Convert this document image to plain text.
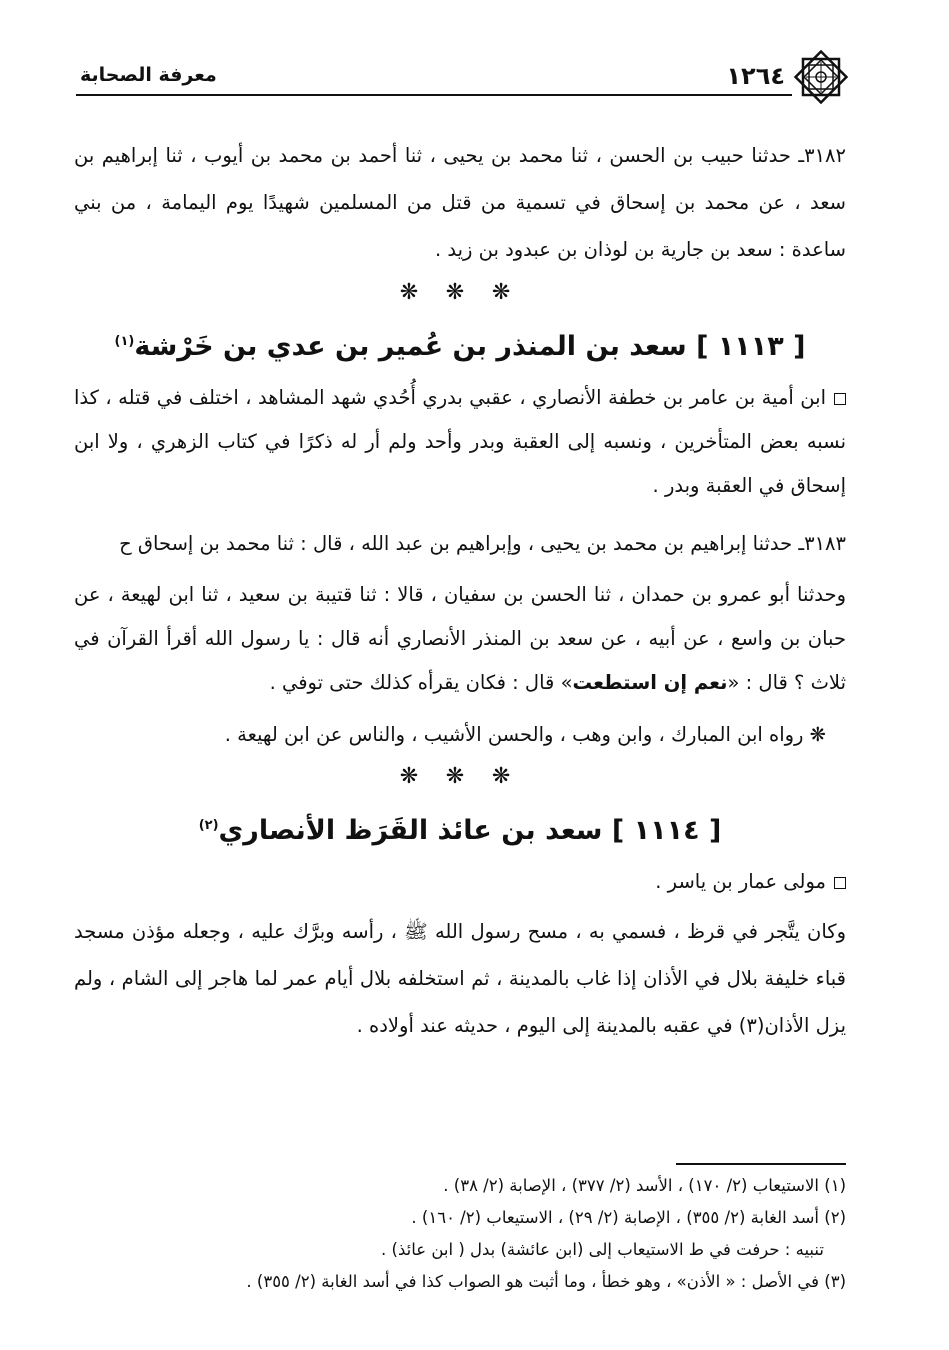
معرفة الصحابة	١٢٦٤

٣١٨٢ـ حدثنا حبيب بن الحسن ، ثنا محمد بن يحيى ، ثنا أحمد بن محمد بن أيوب ، ثنا إبراهيم بن سعد ، عن محمد بن إسحاق في تسمية من قتل من المسلمين شهيدًا يوم اليمامة ، من بني ساعدة : سعد بن جارية بن لوذان بن عبدود بن زيد .

❋ ❋ ❋
[ ١١١٣ ] سعد بن المنذر بن عُمير بن عدي بن خَرْشة$^{(١)}$

ابن أمية بن عامر بن خطفة الأنصاري ، عقبي بدري أُحُدي شهد المشاهد ، اختلف في قتله ، كذا نسبه بعض المتأخرين ، ونسبه إلى العقبة وبدر وأحد ولم أر له ذكرًا في كتاب الزهري ، ولا ابن إسحاق في العقبة وبدر .

٣١٨٣ـ حدثنا إبراهيم بن محمد بن يحيى ، وإبراهيم بن عبد الله ، قال : ثنا محمد بن إسحاق ح

وحدثنا أبو عمرو بن حمدان ، ثنا الحسن بن سفيان ، قالا : ثنا قتيبة بن سعيد ، ثنا ابن لهيعة ، عن حبان بن واسع ، عن أبيه ، عن سعد بن المنذر الأنصاري أنه قال : يا رسول الله أقرأ القرآن في ثلاث ؟ قال : «نعم إن استطعت» قال : فكان يقرأه كذلك حتى توفي .

❋ رواه ابن المبارك ، وابن وهب ، والحسن الأشيب ، والناس عن ابن لهيعة .

❋ ❋ ❋
[ ١١١٤ ] سعد بن عائذ القَرَظ الأنصاري$^{(٢)}$

مولى عمار بن ياسر .

وكان يتَّجر في قرظ ، فسمي به ، مسح رسول الله ﷺ ، رأسه وبرَّك عليه ، وجعله مؤذن مسجد قباء خليفة بلال في الأذان إذا غاب بالمدينة ، ثم استخلفه بلال أيام عمر لما هاجر إلى الشام ، ولم يزل الأذان(٣) في عقبه بالمدينة إلى اليوم ، حديثه عند أولاده .

(١) الاستيعاب (٢/ ١٧٠) ، الأسد (٢/ ٣٧٧) ، الإصابة (٢/ ٣٨) .

(٢) أسد الغابة (٢/ ٣٥٥) ، الإصابة (٢/ ٢٩) ، الاستيعاب (٢/ ١٦٠) .

تنبيه : حرفت في ط الاستيعاب إلى (ابن عائشة) بدل ( ابن عائذ) .

(٣) في الأصل : « الأذن» ، وهو خطأ ، وما أثبت هو الصواب كذا في أسد الغابة (٢/ ٣٥٥) .
